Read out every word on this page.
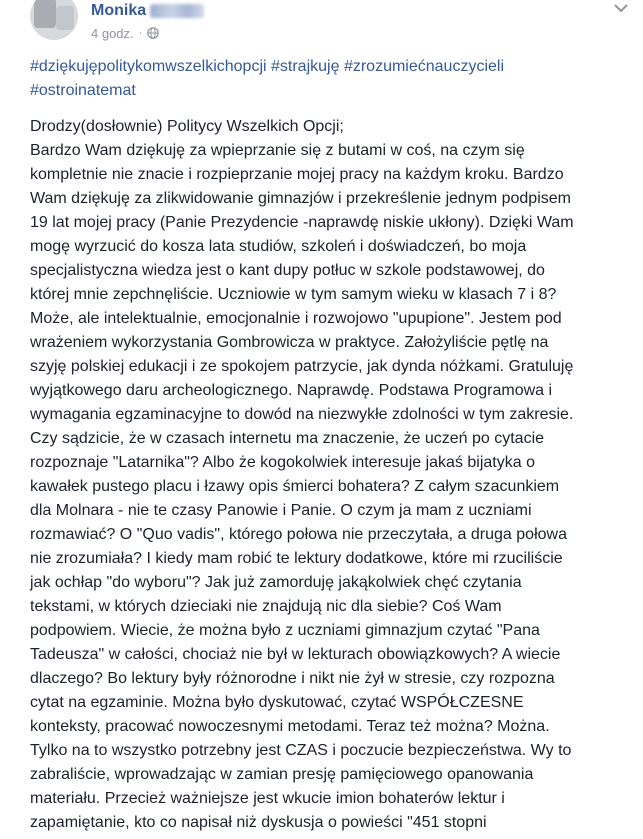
Monika
4 godz. ·
#dziękujępolitykomwszelkichopcji #strajkuję #zrozumiećnauczycieli
#ostroinatemat
Drodzy(dosłownie) Politycy Wszelkich Opcji;
Bardzo Wam dziękuję za wpieprzanie się z butami w coś, na czym się
kompletnie nie znacie i rozpieprzanie mojej pracy na każdym kroku. Bardzo
Wam dziękuję za zlikwidowanie gimnazjów i przekreślenie jednym podpisem
19 lat mojej pracy (Panie Prezydencie -naprawdę niskie ukłony). Dzięki Wam
mogę wyrzucić do kosza lata studiów, szkoleń i doświadczeń, bo moja
specjalistyczna wiedza jest o kant dupy potłuc w szkole podstawowej, do
której mnie zepchnęliście. Uczniowie w tym samym wieku w klasach 7 i 8?
Może, ale intelektualnie, emocjonalnie i rozwojowo "upupione". Jestem pod
wrażeniem wykorzystania Gombrowicza w praktyce. Założyliście pętlę na
szyję polskiej edukacji i ze spokojem patrzycie, jak dynda nóżkami. Gratuluję
wyjątkowego daru archeologicznego. Naprawdę. Podstawa Programowa i
wymagania egzaminacyjne to dowód na niezwykłe zdolności w tym zakresie.
Czy sądzicie, że w czasach internetu ma znaczenie, że uczeń po cytacie
rozpoznaje "Latarnika"? Albo że kogokolwiek interesuje jakaś bijatyka o
kawałek pustego placu i łzawy opis śmierci bohatera? Z całym szacunkiem
dla Molnara - nie te czasy Panowie i Panie. O czym ja mam z uczniami
rozmawiać? O "Quo vadis", którego połowa nie przeczytała, a druga połowa
nie zrozumiała? I kiedy mam robić te lektury dodatkowe, które mi rzuciliście
jak ochłap "do wyboru"? Jak już zamorduję jakąkolwiek chęć czytania
tekstami, w których dzieciaki nie znajdują nic dla siebie? Coś Wam
podpowiem. Wiecie, że można było z uczniami gimnazjum czytać "Pana
Tadeusza" w całości, chociaż nie był w lekturach obowiązkowych? A wiecie
dlaczego? Bo lektury były różnorodne i nikt nie żył w stresie, czy rozpozna
cytat na egzaminie. Można było dyskutować, czytać WSPÓŁCZESNE
konteksty, pracować nowoczesnymi metodami. Teraz też można? Można.
Tylko na to wszystko potrzebny jest CZAS i poczucie bezpieczeństwa. Wy to
zabraliście, wprowadzając w zamian presję pamięciowego opanowania
materiału. Przecież ważniejsze jest wkucie imion bohaterów lektur i
zapamiętanie, kto co napisał niż dyskusja o powieści "451 stopni
